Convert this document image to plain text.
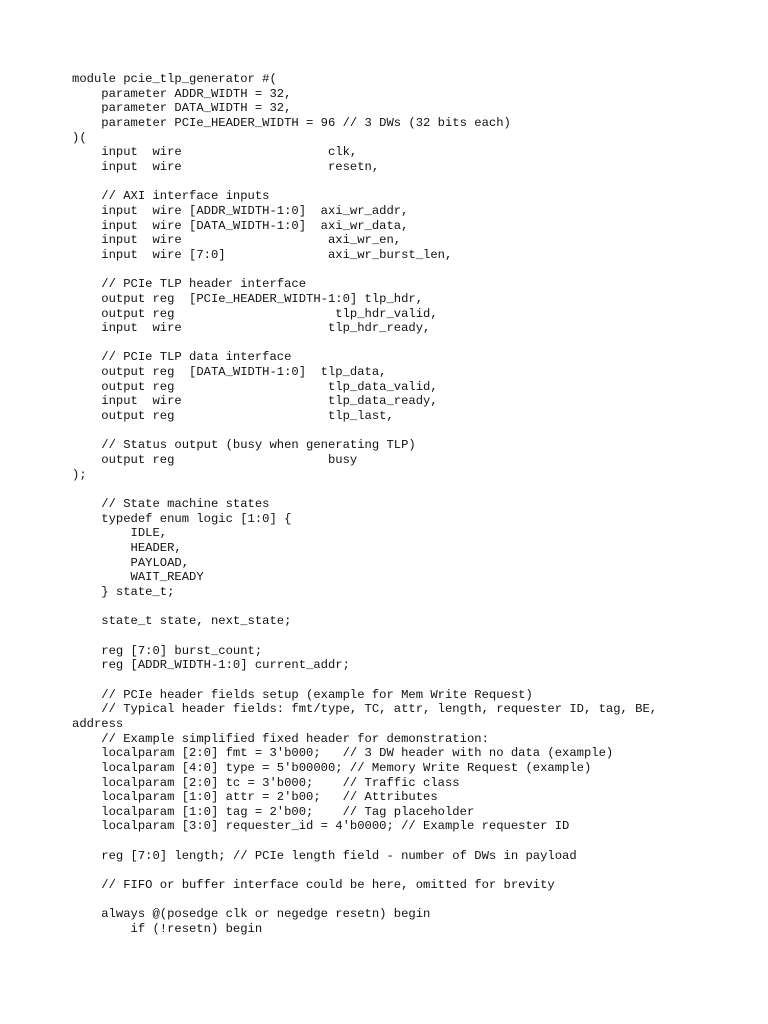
module pcie_tlp_generator #(
parameter ADDR_WIDTH = 32,
parameter DATA_WIDTH = 32,
parameter PCIe_HEADER_WIDTH = 96 // 3 DWs (32 bits each)
)(
input  wire                    clk,
input  wire                    resetn,

// AXI interface inputs
input  wire [ADDR_WIDTH-1:0]  axi_wr_addr,
input  wire [DATA_WIDTH-1:0]  axi_wr_data,
input  wire                    axi_wr_en,
input  wire [7:0]              axi_wr_burst_len,

// PCIe TLP header interface
output reg  [PCIe_HEADER_WIDTH-1:0] tlp_hdr,
output reg                      tlp_hdr_valid,
input  wire                    tlp_hdr_ready,

// PCIe TLP data interface
output reg  [DATA_WIDTH-1:0]  tlp_data,
output reg                     tlp_data_valid,
input  wire                    tlp_data_ready,
output reg                     tlp_last,

// Status output (busy when generating TLP)
output reg                     busy
);

// State machine states
typedef enum logic [1:0] {
IDLE,
HEADER,
PAYLOAD,
WAIT_READY
} state_t;

state_t state, next_state;

reg [7:0] burst_count;
reg [ADDR_WIDTH-1:0] current_addr;

// PCIe header fields setup (example for Mem Write Request)
// Typical header fields: fmt/type, TC, attr, length, requester ID, tag, BE,
address
// Example simplified fixed header for demonstration:
localparam [2:0] fmt = 3'b000;   // 3 DW header with no data (example)
localparam [4:0] type = 5'b00000; // Memory Write Request (example)
localparam [2:0] tc = 3'b000;    // Traffic class
localparam [1:0] attr = 2'b00;   // Attributes
localparam [1:0] tag = 2'b00;    // Tag placeholder
localparam [3:0] requester_id = 4'b0000; // Example requester ID

reg [7:0] length; // PCIe length field - number of DWs in payload

// FIFO or buffer interface could be here, omitted for brevity

always @(posedge clk or negedge resetn) begin
if (!resetn) begin
